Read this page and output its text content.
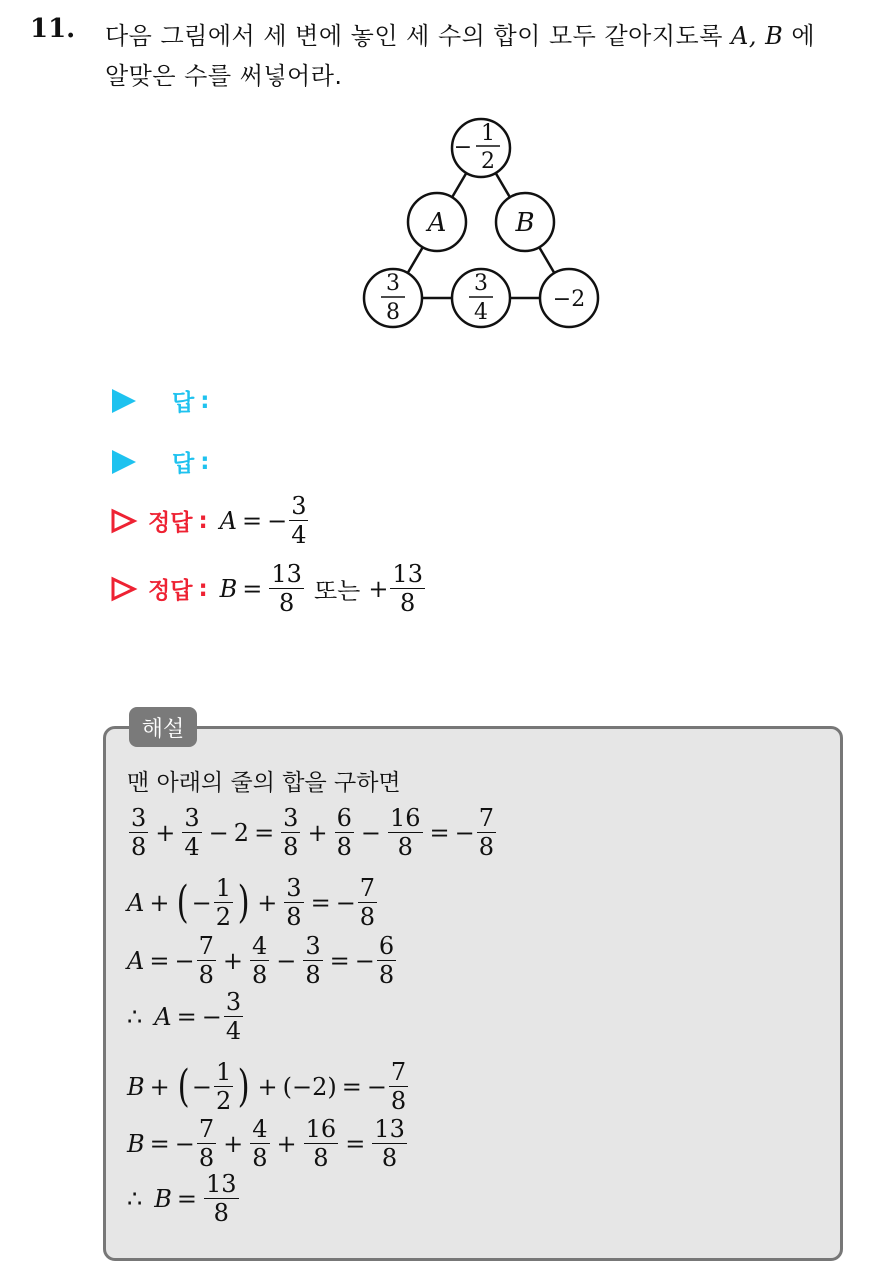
11. 다음 그림에서 세 변에 놓인 세 수의 합이 모두 같아지도록 A, B 에
알맞은 수를 써넣어라.
−
1
2
A	B
3
8
3
4
−2
답 :
답 :
정답 : A = − $\frac{3}{4}$
정답 : $B = \frac{13}{8}$ 또는 + $\frac{13}{8}$
해설
맨 아래의 줄의 합을 구하면
$\frac{3}{8} + \frac{3}{4} - 2 = \frac{3}{8} + \frac{6}{8} - \frac{16}{8}$ = − $\frac{7}{8}$
A + ( − $\frac{1}{2}$ ) + $\frac{3}{8}$ = − $\frac{7}{8}$
A = − $\frac{7}{8} + \frac{4}{8} - \frac{3}{8}$ = − $\frac{6}{8}$
∴ A = − $\frac{3}{4}$
B + ( − $\frac{1}{2}$ ) + (−2) = − $\frac{7}{8}$
B = − $\frac{7}{8} + \frac{4}{8} + \frac{16}{8} = \frac{13}{8}$
∴ $B = \frac{13}{8}$
